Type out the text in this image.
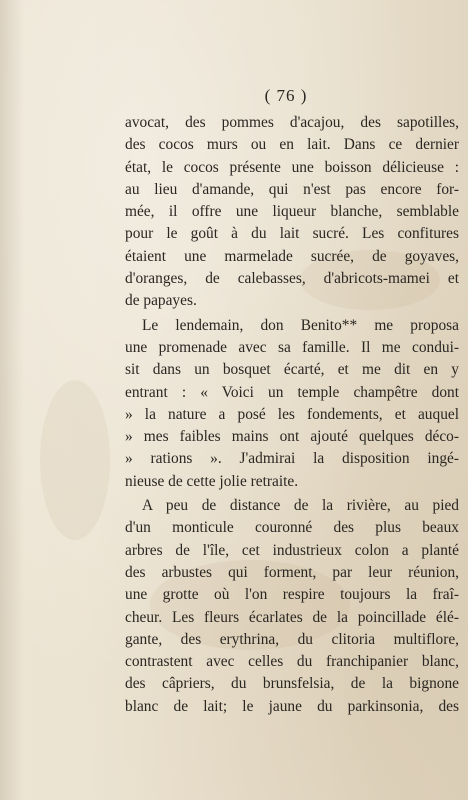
( 76 )
avocat, des pommes d'acajou, des sapotilles,
des cocos murs ou en lait. Dans ce dernier
état, le cocos présente une boisson délicieuse :
au lieu d'amande, qui n'est pas encore for-
mée, il offre une liqueur blanche, semblable
pour le goût à du lait sucré. Les confitures
étaient une marmelade sucrée, de goyaves,
d'oranges, de calebasses, d'abricots-mamei et
de papayes.
Le lendemain, don Benito** me proposa
une promenade avec sa famille. Il me condui-
sit dans un bosquet écarté, et me dit en y
entrant : « Voici un temple champêtre dont
» la nature a posé les fondements, et auquel
» mes faibles mains ont ajouté quelques déco-
» rations ». J'admirai la disposition ingé-
nieuse de cette jolie retraite.
A peu de distance de la rivière, au pied
d'un monticule couronné des plus beaux
arbres de l'île, cet industrieux colon a planté
des arbustes qui forment, par leur réunion,
une grotte où l'on respire toujours la fraî-
cheur. Les fleurs écarlates de la poincillade élé-
gante, des erythrina, du clitoria multiflore,
contrastent avec celles du franchipanier blanc,
des câpriers, du brunsfelsia, de la bignone
blanc de lait; le jaune du parkinsonia, des
